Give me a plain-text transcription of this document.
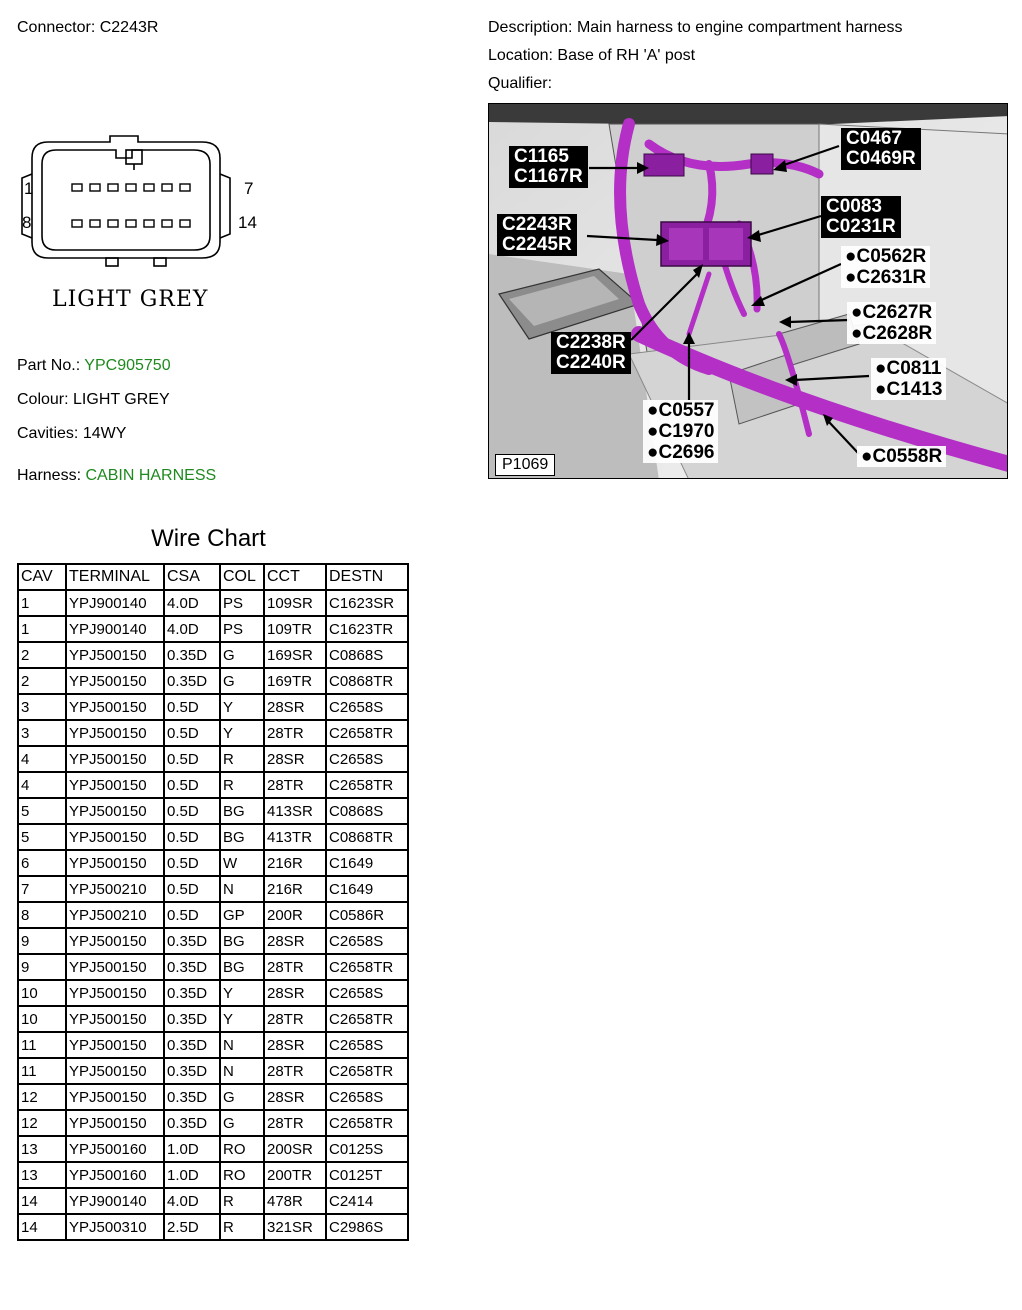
Connector: C2243R	Description: Main harness to engine compartment harness
Location: Base of RH 'A' post
Qualifier:
1	7
8	14
LIGHT GREY
Part No.: YPC905750
Colour: LIGHT GREY
Cavities: 14WY
Harness: CABIN HARNESS
C1165
C1167R
C0467
C0469R
C2243R
C2245R
C0083
C0231R
●C0562R
●C2631R
●C2627R
●C2628R
C2238R
C2240R	●C0811
●C1413
●C0557
●C1970
●C2696	●C0558R
P1069
Wire Chart
CAV	TERMINAL	CSA	COL	CCT	DESTN
1	YPJ900140	4.0D	PS	109SR	C1623SR
1	YPJ900140	4.0D	PS	109TR	C1623TR
2	YPJ500150	0.35D	G	169SR	C0868S
2	YPJ500150	0.35D	G	169TR	C0868TR
3	YPJ500150	0.5D	Y	28SR	C2658S
3	YPJ500150	0.5D	Y	28TR	C2658TR
4	YPJ500150	0.5D	R	28SR	C2658S
4	YPJ500150	0.5D	R	28TR	C2658TR
5	YPJ500150	0.5D	BG	413SR	C0868S
5	YPJ500150	0.5D	BG	413TR	C0868TR
6	YPJ500150	0.5D	W	216R	C1649
7	YPJ500210	0.5D	N	216R	C1649
8	YPJ500210	0.5D	GP	200R	C0586R
9	YPJ500150	0.35D	BG	28SR	C2658S
9	YPJ500150	0.35D	BG	28TR	C2658TR
10	YPJ500150	0.35D	Y	28SR	C2658S
10	YPJ500150	0.35D	Y	28TR	C2658TR
11	YPJ500150	0.35D	N	28SR	C2658S
11	YPJ500150	0.35D	N	28TR	C2658TR
12	YPJ500150	0.35D	G	28SR	C2658S
12	YPJ500150	0.35D	G	28TR	C2658TR
13	YPJ500160	1.0D	RO	200SR	C0125S
13	YPJ500160	1.0D	RO	200TR	C0125T
14	YPJ900140	4.0D	R	478R	C2414
14	YPJ500310	2.5D	R	321SR	C2986S
